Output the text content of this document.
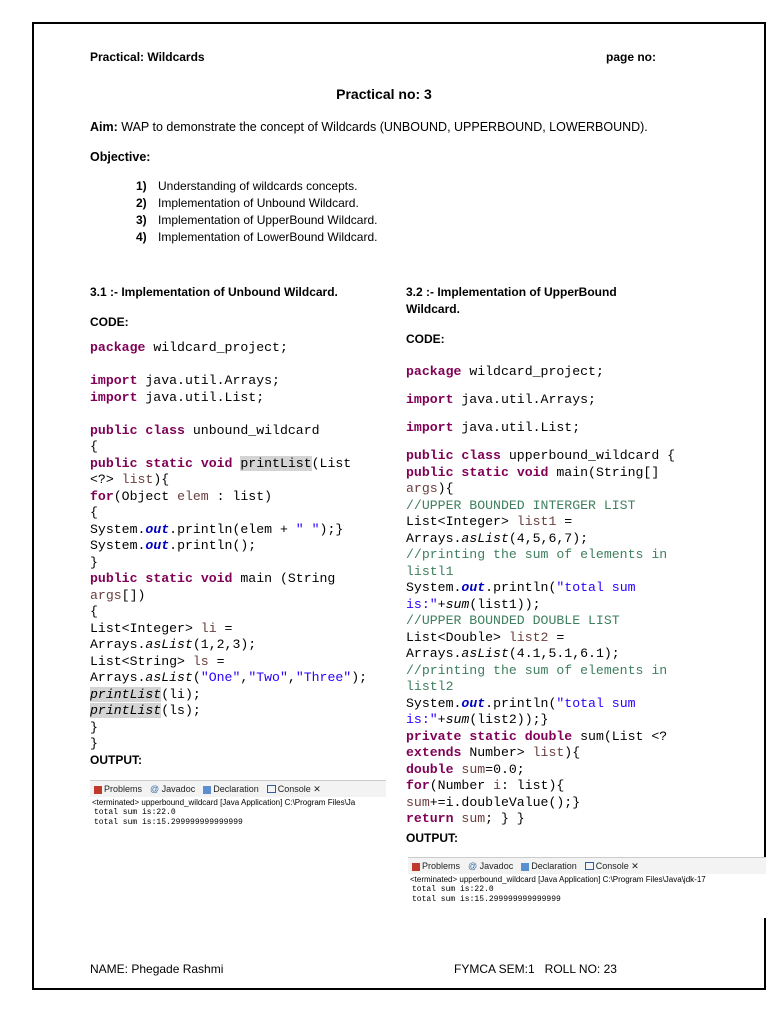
Practical: Wildcards	page no:
Practical no: 3
Aim: WAP to demonstrate the concept of Wildcards (UNBOUND, UPPERBOUND, LOWERBOUND).
Objective:
1) Understanding of wildcards concepts.
2) Implementation of Unbound Wildcard.
3) Implementation of UpperBound Wildcard.
4) Implementation of LowerBound Wildcard.
3.1 :- Implementation of Unbound Wildcard.
CODE:
package wildcard_project;

import java.util.Arrays;
import java.util.List;

public class unbound_wildcard
{
public static void printList(List
<?> list){
for(Object elem : list)
{
System.out.println(elem + " ");}
System.out.println();
}
public static void main (String
args[])
{
List<Integer> li =
Arrays.asList(1,2,3);
List<String> ls =
Arrays.asList("One","Two","Three");
printList(li);
printList(ls);
}
}
OUTPUT:
Problems @ Javadoc	Declaration	Console ✕
<terminated> upperbound_wildcard [Java Application] C:\Program Files\Ja
total sum is:22.0
total sum is:15.299999999999999
3.2 :- Implementation of UpperBound
Wildcard.
CODE:
package wildcard_project;
import java.util.Arrays;
import java.util.List;
public class upperbound_wildcard {
public static void main(String[]
args){
//UPPER BOUNDED INTERGER LIST
List<Integer> list1 =
Arrays.asList(4,5,6,7);
//printing the sum of elements in
listl1
System.out.println("total sum
is:"+sum(list1));
//UPPER BOUNDED DOUBLE LIST
List<Double> list2 =
Arrays.asList(4.1,5.1,6.1);
//printing the sum of elements in
listl2
System.out.println("total sum
is:"+sum(list2));}
private static double sum(List <?
extends Number> list){
double sum=0.0;
for(Number i: list){
sum+=i.doubleValue();}
return sum; } }
OUTPUT:
Problems @ Javadoc	Declaration	Console ✕
<terminated> upperbound_wildcard [Java Application] C:\Program Files\Java\jdk-17
total sum is:22.0
total sum is:15.299999999999999
NAME: Phegade Rashmi	FYMCA SEM:1   ROLL NO: 23
